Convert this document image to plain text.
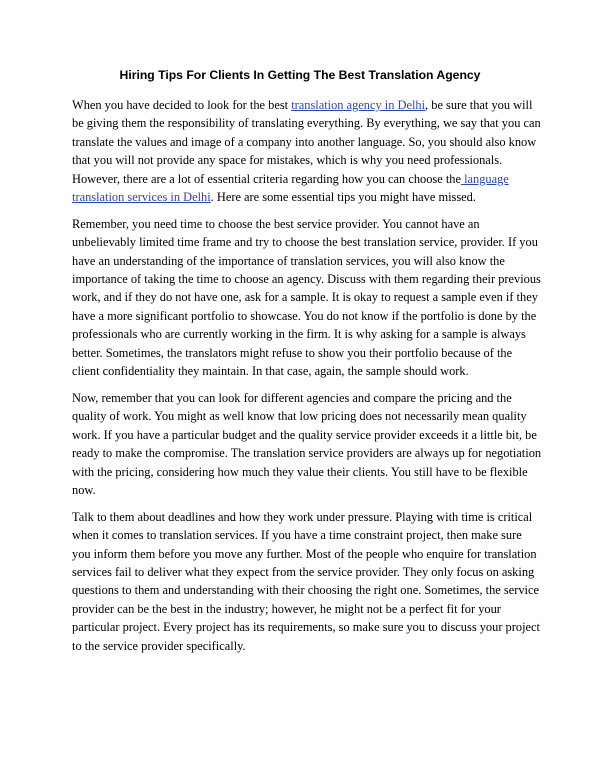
Hiring Tips For Clients In Getting The Best Translation Agency

When you have decided to look for the best translation agency in Delhi, be sure that you will be giving them the responsibility of translating everything. By everything, we say that you can translate the values and image of a company into another language. So, you should also know that you will not provide any space for mistakes, which is why you need professionals. However, there are a lot of essential criteria regarding how you can choose the language translation services in Delhi. Here are some essential tips you might have missed.

Remember, you need time to choose the best service provider. You cannot have an unbelievably limited time frame and try to choose the best translation service, provider. If you have an understanding of the importance of translation services, you will also know the importance of taking the time to choose an agency. Discuss with them regarding their previous work, and if they do not have one, ask for a sample. It is okay to request a sample even if they have a more significant portfolio to showcase. You do not know if the portfolio is done by the professionals who are currently working in the firm. It is why asking for a sample is always better. Sometimes, the translators might refuse to show you their portfolio because of the client confidentiality they maintain. In that case, again, the sample should work.

Now, remember that you can look for different agencies and compare the pricing and the quality of work. You might as well know that low pricing does not necessarily mean quality work. If you have a particular budget and the quality service provider exceeds it a little bit, be ready to make the compromise. The translation service providers are always up for negotiation with the pricing, considering how much they value their clients. You still have to be flexible now.

Talk to them about deadlines and how they work under pressure. Playing with time is critical when it comes to translation services. If you have a time constraint project, then make sure you inform them before you move any further. Most of the people who enquire for translation services fail to deliver what they expect from the service provider. They only focus on asking questions to them and understanding with their choosing the right one. Sometimes, the service provider can be the best in the industry; however, he might not be a perfect fit for your particular project. Every project has its requirements, so make sure you to discuss your project to the service provider specifically.
